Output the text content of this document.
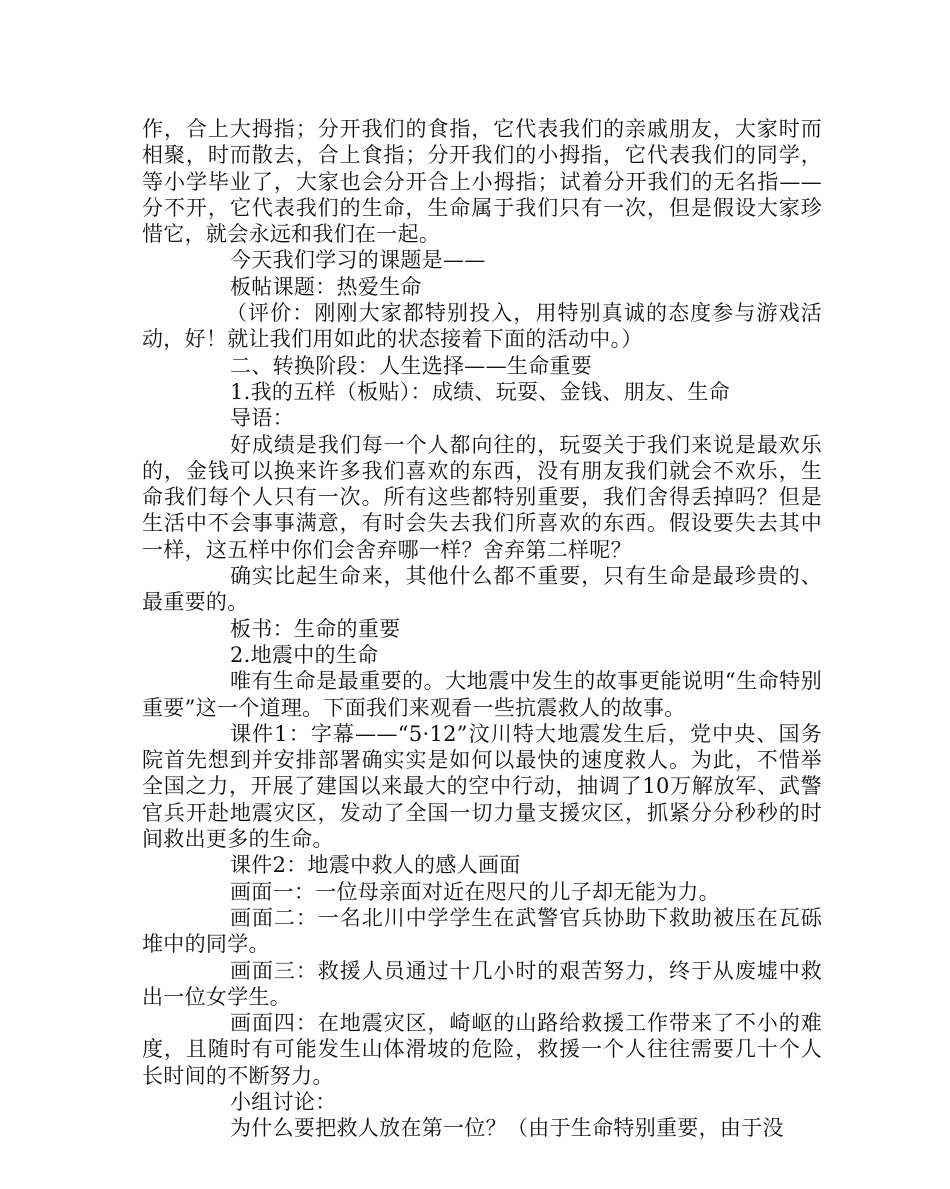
作，合上大拇指；分开我们的食指，它代表我们的亲戚朋友，大家时而相聚，时而散去，合上食指；分开我们的小拇指，它代表我们的同学，等小学毕业了，大家也会分开合上小拇指；试着分开我们的无名指——分不开，它代表我们的生命，生命属于我们只有一次，但是假设大家珍惜它，就会永远和我们在一起。

今天我们学习的课题是——

板帖课题：热爱生命

（评价：刚刚大家都特别投入，用特别真诚的态度参与游戏活动，好！就让我们用如此的状态接着下面的活动中。）

二、转换阶段：人生选择——生命重要

1.我的五样（板贴）：成绩、玩耍、金钱、朋友、生命

导语：

好成绩是我们每一个人都向往的，玩耍关于我们来说是最欢乐的，金钱可以换来许多我们喜欢的东西，没有朋友我们就会不欢乐，生命我们每个人只有一次。所有这些都特别重要，我们舍得丢掉吗？但是生活中不会事事满意，有时会失去我们所喜欢的东西。假设要失去其中一样，这五样中你们会舍弃哪一样？舍弃第二样呢？

确实比起生命来，其他什么都不重要，只有生命是最珍贵的、最重要的。

板书：生命的重要

2.地震中的生命

唯有生命是最重要的。大地震中发生的故事更能说明“生命特别重要”这一个道理。下面我们来观看一些抗震救人的故事。

课件1：字幕——“5·12”汶川特大地震发生后，党中央、国务院首先想到并安排部署确实实是如何以最快的速度救人。为此，不惜举全国之力，开展了建国以来最大的空中行动，抽调了10万解放军、武警官兵开赴地震灾区，发动了全国一切力量支援灾区，抓紧分分秒秒的时间救出更多的生命。

课件2：地震中救人的感人画面

画面一：一位母亲面对近在咫尺的儿子却无能为力。

画面二：一名北川中学学生在武警官兵协助下救助被压在瓦砾堆中的同学。

画面三：救援人员通过十几小时的艰苦努力，终于从废墟中救出一位女学生。

画面四：在地震灾区，崎岖的山路给救援工作带来了不小的难度，且随时有可能发生山体滑坡的危险，救援一个人往往需要几十个人长时间的不断努力。

小组讨论：

为什么要把救人放在第一位？（由于生命特别重要，由于没
